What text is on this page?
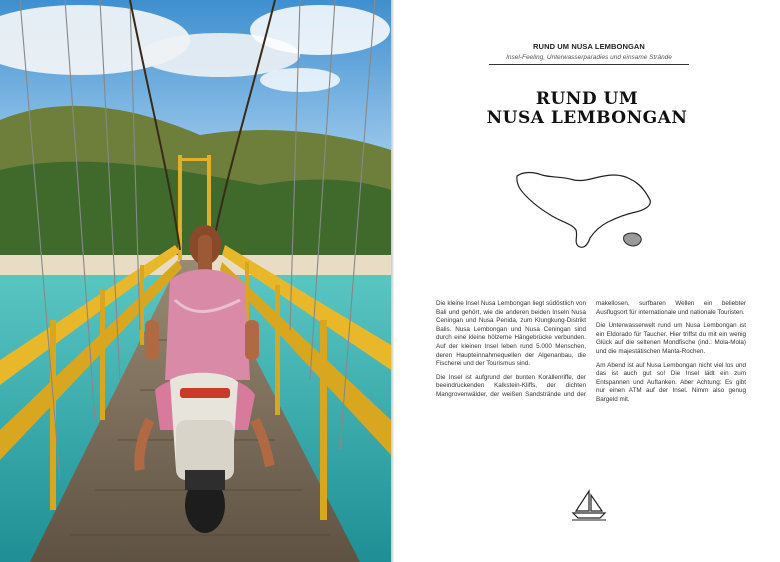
RUND UM NUSA LEMBONGAN
Insel-Feeling, Unterwasserparadies und einsame Strände
RUND UM
NUSA LEMBONGAN

Die kleine Insel Nusa Lembongan liegt südöstlich von Bali und gehört, wie die anderen beiden Inseln Nusa Ceningan und Nusa Penida, zum Klungkung-Distrikt Balis. Nusa Lembongan und Nusa Ceningan sind durch eine kleine hölzerne Hängebrücke verbunden. Auf der kleinen Insel leben rund 5.000 Menschen, deren Haupteinnahmequellen der Algenanbau, die Fischerei und der Tourismus sind.

Die Insel ist aufgrund der bunten Korallenriffe, der beeindruckenden Kalkstein-Kliffs, der dichten Mangrovenwälder, der weißen Sandstrände und der makellosen, surfbaren Wellen ein beliebter Ausflugsort für internationale und nationale Touristen.

Die Unterwasserwelt rund um Nusa Lembongan ist ein Eldorado für Taucher. Hier triffst du mit ein wenig Glück auf die seltenen Mondfische (ind.: Mola-Mola) und die majestätischen Manta-Rochen.

Am Abend ist auf Nusa Lembongan nicht viel los und das ist auch gut so! Die Insel lädt ein zum Entspannen und Auftanken. Aber Achtung: Es gibt nur einen ATM auf der Insel. Nimm also genug Bargeld mit.
